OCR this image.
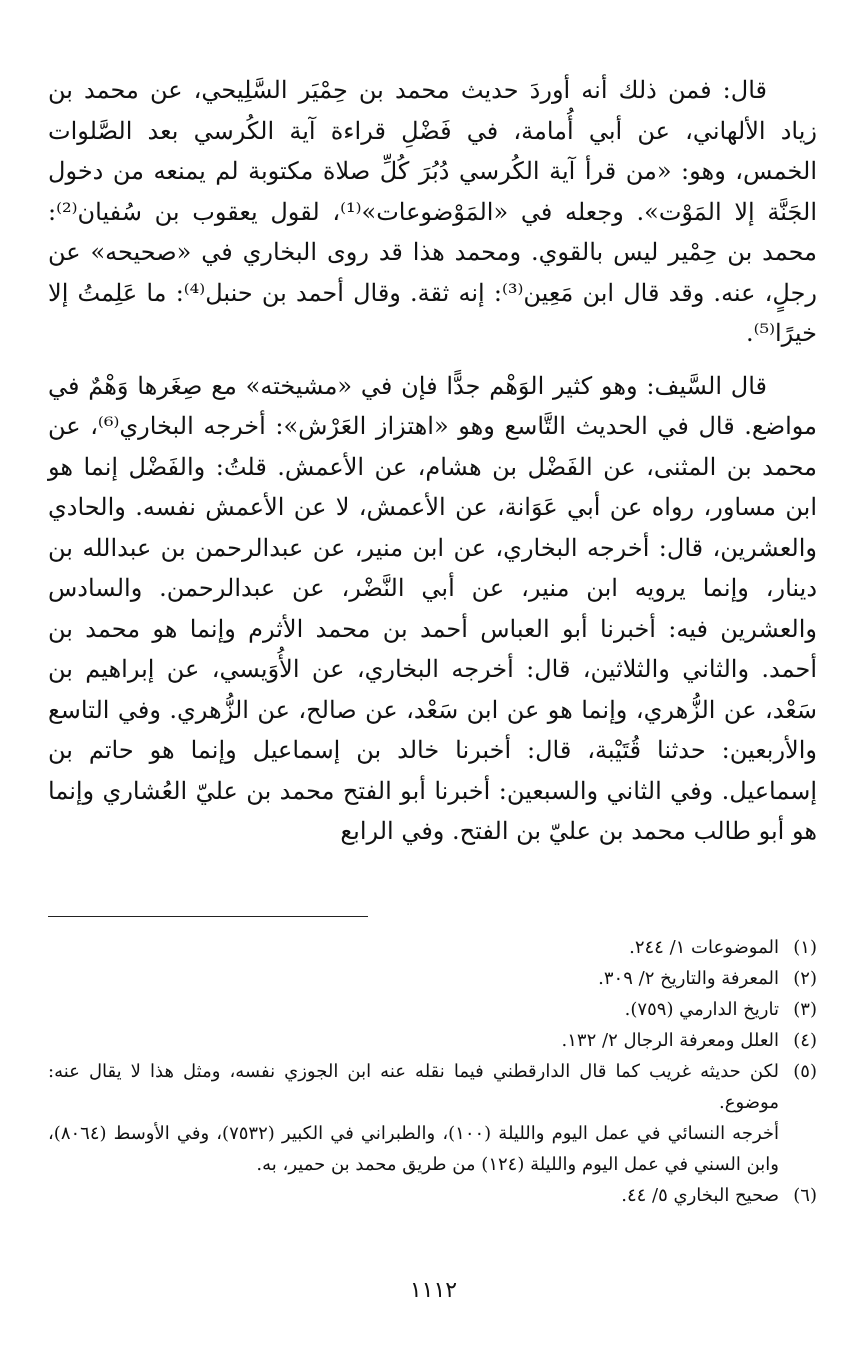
قال: فمن ذلك أنه أوردَ حديث محمد بن حِمْيَر السَّلِيحي، عن محمد بن زياد الألهاني، عن أبي أُمامة، في فَضْلِ قراءة آية الكُرسي بعد الصَّلوات الخمس، وهو: «من قرأ آية الكُرسي دُبُرَ كُلِّ صلاة مكتوبة لم يمنعه من دخول الجَنَّة إلا المَوْت». وجعله في «المَوْضوعات»⁽¹⁾، لقول يعقوب بن سُفيان⁽²⁾: محمد بن حِمْير ليس بالقوي. ومحمد هذا قد روى البخاري في «صحيحه» عن رجلٍ، عنه. وقد قال ابن مَعِين⁽³⁾: إنه ثقة. وقال أحمد بن حنبل⁽⁴⁾: ما عَلِمتُ إلا خيرًا⁽⁵⁾.

قال السَّيف: وهو كثير الوَهْم جدًّا فإن في «مشيخته» مع صِغَرها وَهْمٌ في مواضع. قال في الحديث التَّاسع وهو «اهتزاز العَرْش»: أخرجه البخاري⁽⁶⁾، عن محمد بن المثنى، عن الفَضْل بن هشام، عن الأعمش. قلتُ: والفَضْل إنما هو ابن مساور، رواه عن أبي عَوَانة، عن الأعمش، لا عن الأعمش نفسه. والحادي والعشرين، قال: أخرجه البخاري، عن ابن منير، عن عبدالرحمن بن عبدالله بن دينار، وإنما يرويه ابن منير، عن أبي النَّضْر، عن عبدالرحمن. والسادس والعشرين فيه: أخبرنا أبو العباس أحمد بن محمد الأثرم وإنما هو محمد بن أحمد. والثاني والثلاثين، قال: أخرجه البخاري، عن الأُوَيسي، عن إبراهيم بن سَعْد، عن الزُّهري، وإنما هو عن ابن سَعْد، عن صالح، عن الزُّهري. وفي التاسع والأربعين: حدثنا قُتَيْبة، قال: أخبرنا خالد بن إسماعيل وإنما هو حاتم بن إسماعيل. وفي الثاني والسبعين: أخبرنا أبو الفتح محمد بن عليّ العُشاري وإنما هو أبو طالب محمد بن عليّ بن الفتح. وفي الرابع

(١)
الموضوعات ١/ ٢٤٤.
(٢)
المعرفة والتاريخ ٢/ ٣٠٩.
(٣)
تاريخ الدارمي (٧٥٩).
(٤)
العلل ومعرفة الرجال ٢/ ١٣٢.
(٥)
لكن حديثه غريب كما قال الدارقطني فيما نقله عنه ابن الجوزي نفسه، ومثل هذا لا يقال عنه: موضوع.
أخرجه النسائي في عمل اليوم والليلة (١٠٠)، والطبراني في الكبير (٧٥٣٢)، وفي الأوسط (٨٠٦٤)، وابن السني في عمل اليوم والليلة (١٢٤) من طريق محمد بن حمير، به.
(٦)
صحيح البخاري ٥/ ٤٤.
١١١٢
